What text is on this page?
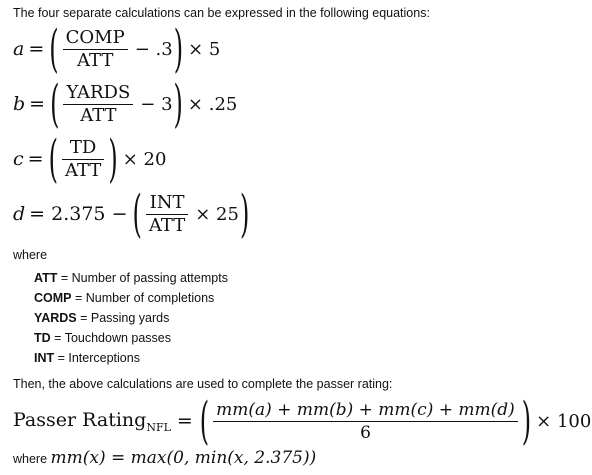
The four separate calculations can be expressed in the following equations:
a = ( $\frac{\text{COMP}}{\text{ATT}} - .3$ ) × 5
b = ( $\frac{\text{YARDS}}{\text{ATT}} - 3$ ) × .25
c = ( $\frac{TD}{\text{ATT}}$ ) × 20
d = 2.375 − ( $\frac{\text{INT}}{\text{ATT}} \times 25$ )
where
ATT = Number of passing attempts
COMP = Number of completions
YARDS = Passing yards
TD = Touchdown passes
INT = Interceptions
Then, the above calculations are used to complete the passer rating:
Passer Rating$_{NFL}$ = ( $\frac{mm(a) + mm(b) + mm(c) + mm(d)}{6}$ ) × 100
where mm(x) = max(0, min(x, 2.375))
